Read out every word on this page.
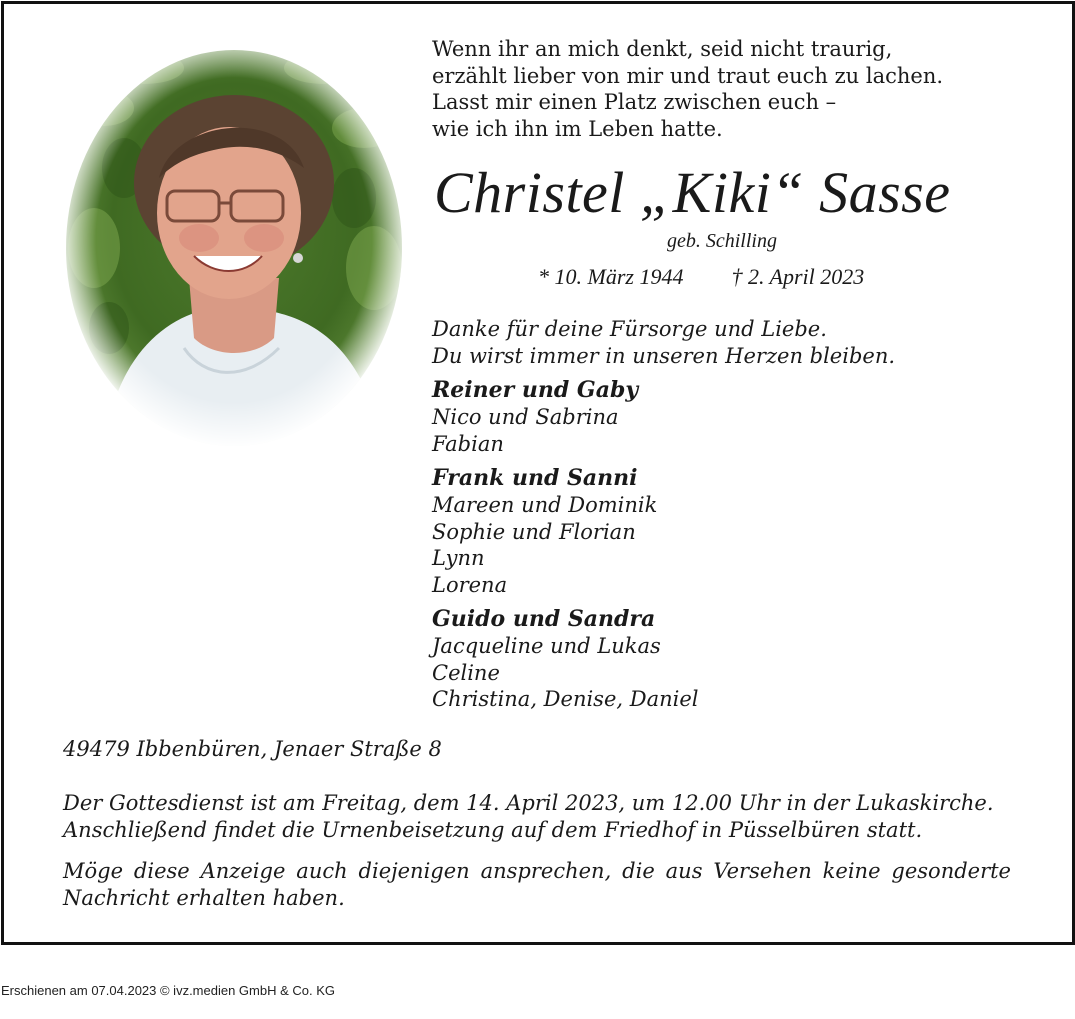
Wenn ihr an mich denkt, seid nicht traurig,
erzählt lieber von mir und traut euch zu lachen.
Lasst mir einen Platz zwischen euch –
wie ich ihn im Leben hatte.
Christel „Kiki“ Sasse
geb. Schilling
* 10. März 1944 † 2. April 2023
Danke für deine Fürsorge und Liebe.
Du wirst immer in unseren Herzen bleiben.
Reiner und Gaby
Nico und Sabrina
Fabian
Frank und Sanni
Mareen und Dominik
Sophie und Florian
Lynn
Lorena
Guido und Sandra
Jacqueline und Lukas
Celine
Christina, Denise, Daniel
49479 Ibbenbüren, Jenaer Straße 8
Der Gottesdienst ist am Freitag, dem 14. April 2023, um 12.00 Uhr in der Lukaskirche.
Anschließend findet die Urnenbeisetzung auf dem Friedhof in Püsselbüren statt.
Möge diese Anzeige auch diejenigen ansprechen, die aus Versehen keine gesonderte
Nachricht erhalten haben.
Erschienen am 07.04.2023 © ivz.medien GmbH & Co. KG
